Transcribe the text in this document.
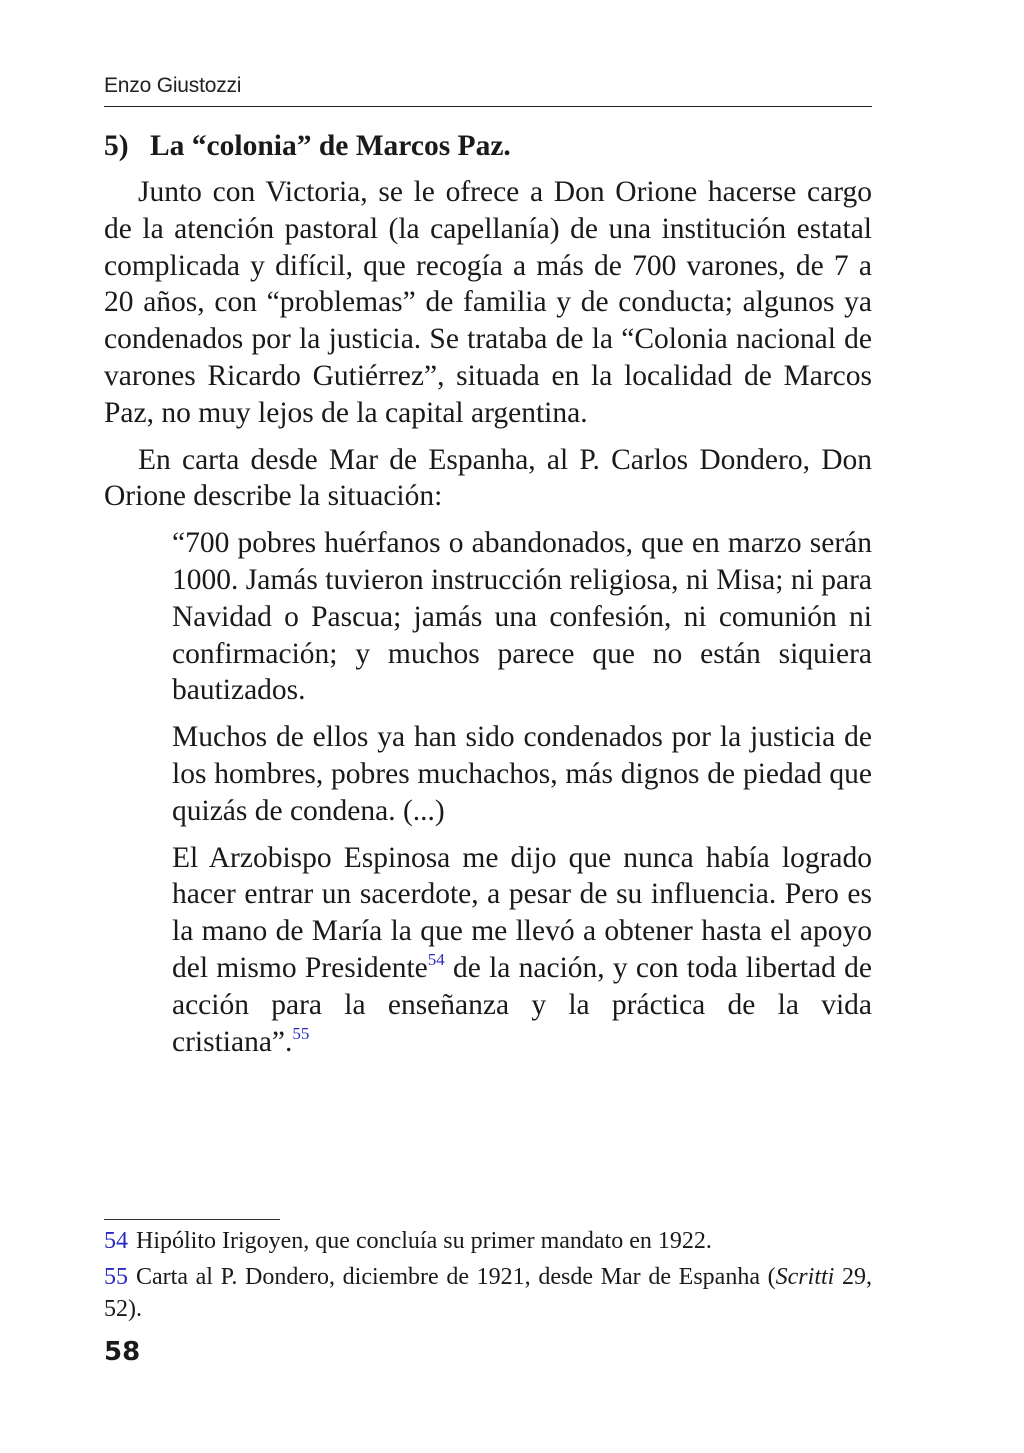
Enzo Giustozzi
5) La “colonia” de Marcos Paz.

Junto con Victoria, se le ofrece a Don Orione hacerse cargo de la atención pastoral (la capellanía) de una institución estatal complicada y difícil, que recogía a más de 700 varones, de 7 a 20 años, con “problemas” de familia y de conducta; algunos ya condenados por la justicia. Se trataba de la “Colonia nacional de varones Ricardo Gutiérrez”, situada en la localidad de Marcos Paz, no muy lejos de la capital argentina.

En carta desde Mar de Espanha, al P. Carlos Dondero, Don Orione describe la situación:

“700 pobres huérfanos o abandonados, que en marzo serán 1000. Jamás tuvieron instrucción religiosa, ni Misa; ni para Navidad o Pascua; jamás una confesión, ni comunión ni confirmación; y muchos parece que no están siquiera bautizados.
Muchos de ellos ya han sido condenados por la justicia de los hombres, pobres muchachos, más dignos de piedad que quizás de condena. (...)
El Arzobispo Espinosa me dijo que nunca había logrado hacer entrar un sacerdote, a pesar de su influencia. Pero es la mano de María la que me llevó a obtener hasta el apoyo del mismo Presidente$^{54}$ de la nación, y con toda libertad de acción para la enseñanza y la práctica de la vida cristiana”.$^{55}$

54 Hipólito Irigoyen, que concluía su primer mandato en 1922.

55 Carta al P. Dondero, diciembre de 1921, desde Mar de Espanha (Scritti 29, 52).

58
